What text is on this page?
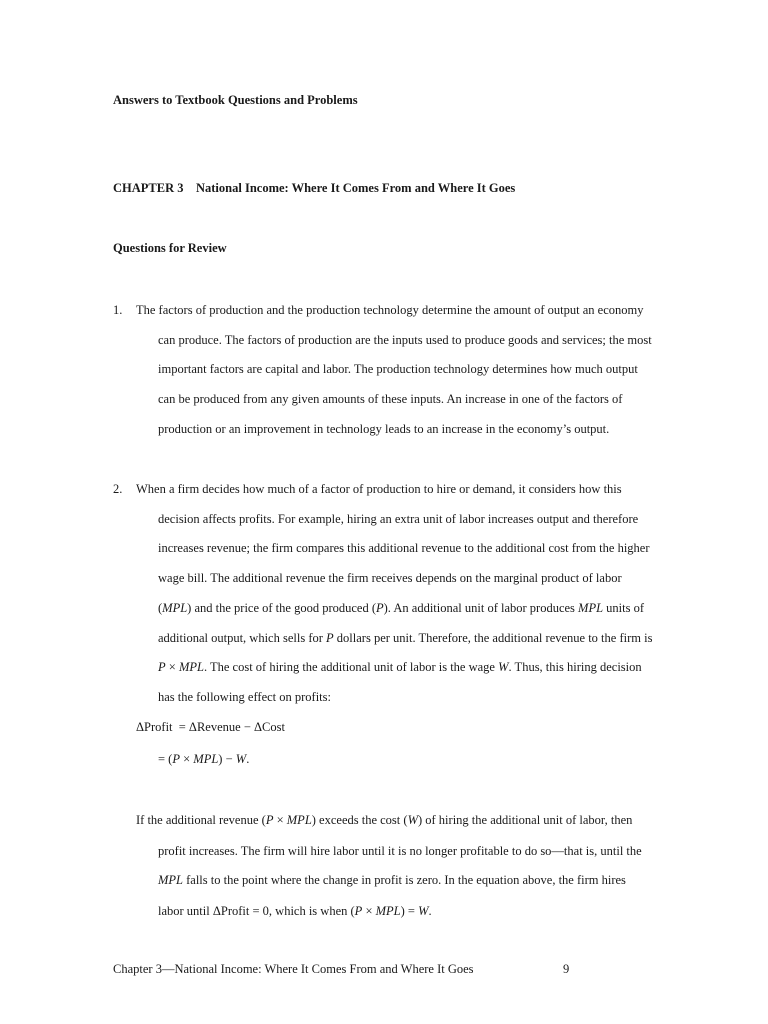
Answers to Textbook Questions and Problems
CHAPTER 3    National Income: Where It Comes From and Where It Goes
Questions for Review
1. The factors of production and the production technology determine the amount of output an economy
can produce. The factors of production are the inputs used to produce goods and services; the most
important factors are capital and labor. The production technology determines how much output
can be produced from any given amounts of these inputs. An increase in one of the factors of
production or an improvement in technology leads to an increase in the economy’s output.
2. When a firm decides how much of a factor of production to hire or demand, it considers how this
decision affects profits. For example, hiring an extra unit of labor increases output and therefore
increases revenue; the firm compares this additional revenue to the additional cost from the higher
wage bill. The additional revenue the firm receives depends on the marginal product of labor
(MPL) and the price of the good produced (P). An additional unit of labor produces MPL units of
additional output, which sells for P dollars per unit. Therefore, the additional revenue to the firm is
P × MPL. The cost of hiring the additional unit of labor is the wage W. Thus, this hiring decision
has the following effect on profits:
ΔProfit  = ΔRevenue − ΔCost
= (P × MPL) − W.
If the additional revenue (P × MPL) exceeds the cost (W) of hiring the additional unit of labor, then
profit increases. The firm will hire labor until it is no longer profitable to do so—that is, until the
MPL falls to the point where the change in profit is zero. In the equation above, the firm hires
labor until ΔProfit = 0, which is when (P × MPL) = W.
Chapter 3—National Income: Where It Comes From and Where It Goes	9
